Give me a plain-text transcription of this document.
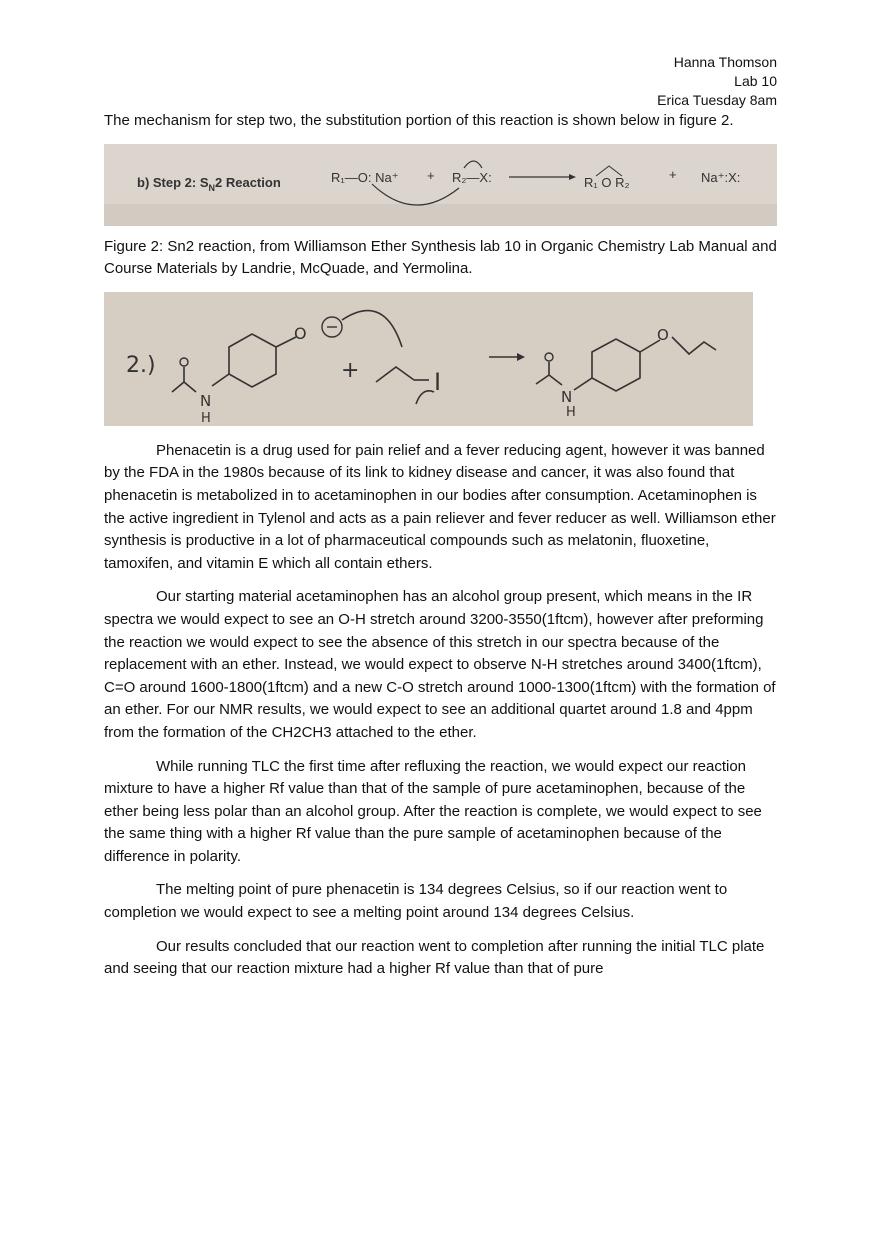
Hanna Thomson
Lab 10
Erica Tuesday 8am

The mechanism for step two, the substitution portion of this reaction is shown below in figure 2.

b) Step 2: $S_N2$ Reaction	R₁—O: Na⁺ + R₂—X:	R₁ O R₂
+ Na⁺:X:

Figure 2: Sn2 reaction, from Williamson Ether Synthesis lab 10 in Organic Chemistry Lab Manual and Course Materials by Landrie, McQuade, and Yermolina.

2.)
O
N
H
+	I
N
H
O

Phenacetin is a drug used for pain relief and a fever reducing agent, however it was banned by the FDA in the 1980s because of its link to kidney disease and cancer, it was also found that phenacetin is metabolized in to acetaminophen in our bodies after consumption. Acetaminophen is the active ingredient in Tylenol and acts as a pain reliever and fever reducer as well. Williamson ether synthesis is productive in a lot of pharmaceutical compounds such as melatonin, fluoxetine, tamoxifen, and vitamin E which all contain ethers.

Our starting material acetaminophen has an alcohol group present, which means in the IR spectra we would expect to see an O-H stretch around 3200-3550(1ftcm), however after preforming the reaction we would expect to see the absence of this stretch in our spectra because of the replacement with an ether. Instead, we would expect to observe N-H stretches around 3400(1ftcm), C=O around 1600-1800(1ftcm) and a new C-O stretch around 1000-1300(1ftcm) with the formation of an ether. For our NMR results, we would expect to see an additional quartet around 1.8 and 4ppm from the formation of the CH2CH3 attached to the ether.

While running TLC the first time after refluxing the reaction, we would expect our reaction mixture to have a higher Rf value than that of the sample of pure acetaminophen, because of the ether being less polar than an alcohol group. After the reaction is complete, we would expect to see the same thing with a higher Rf value than the pure sample of acetaminophen because of the difference in polarity.

The melting point of pure phenacetin is 134 degrees Celsius, so if our reaction went to completion we would expect to see a melting point around 134 degrees Celsius.

Our results concluded that our reaction went to completion after running the initial TLC plate and seeing that our reaction mixture had a higher Rf value than that of pure
